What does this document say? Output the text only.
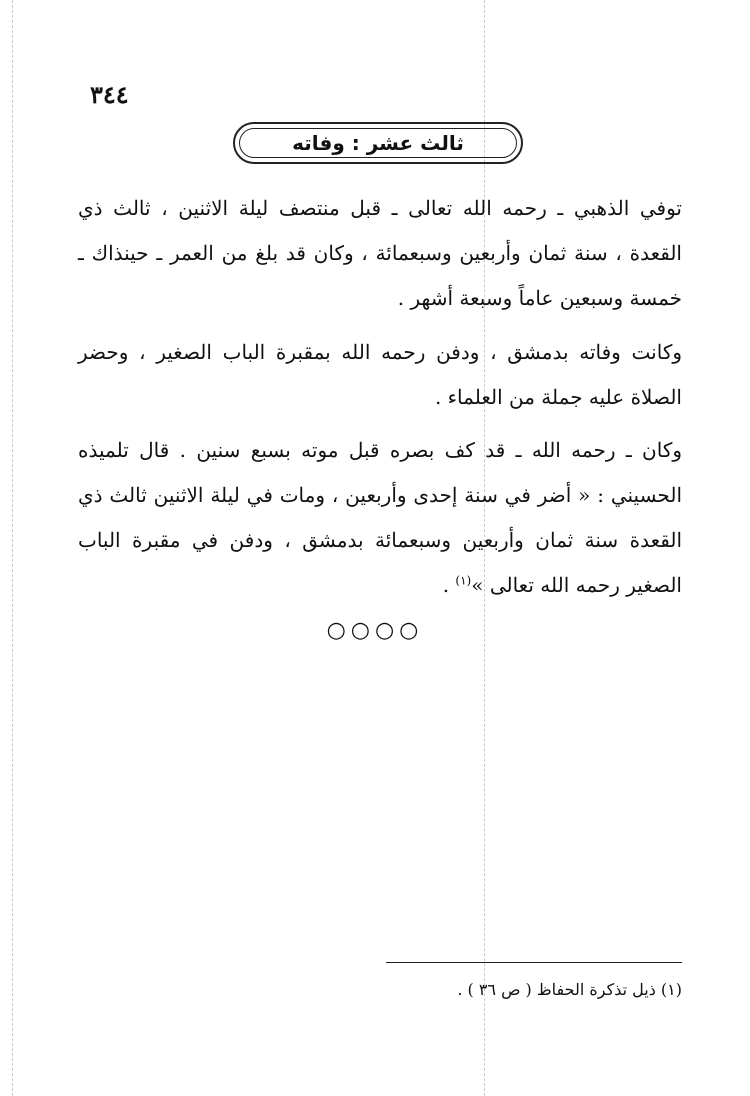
٣٤٤
ثالث عشر : وفاته

توفي الذهبي ـ رحمه الله تعالى ـ قبل منتصف ليلة الاثنين ، ثالث ذي القعدة ، سنة ثمان وأربعين وسبعمائة ، وكان قد بلغ من العمر ـ حينذاك ـ خمسة وسبعين عاماً وسبعة أشهر .

وكانت وفاته بدمشق ، ودفن رحمه الله بمقبرة الباب الصغير ، وحضر الصلاة عليه جملة من العلماء .

وكان ـ رحمه الله ـ قد كف بصره قبل موته بسبع سنين . قال تلميذه الحسيني : « أضر في سنة إحدى وأربعين ، ومات في ليلة الاثنين ثالث ذي القعدة سنة ثمان وأربعين وسبعمائة بدمشق ، ودفن في مقبرة الباب الصغير رحمه الله تعالى »$^{(١)}$ .

○○○○

(١) ذيل تذكرة الحفاظ ( ص ٣٦ ) .
